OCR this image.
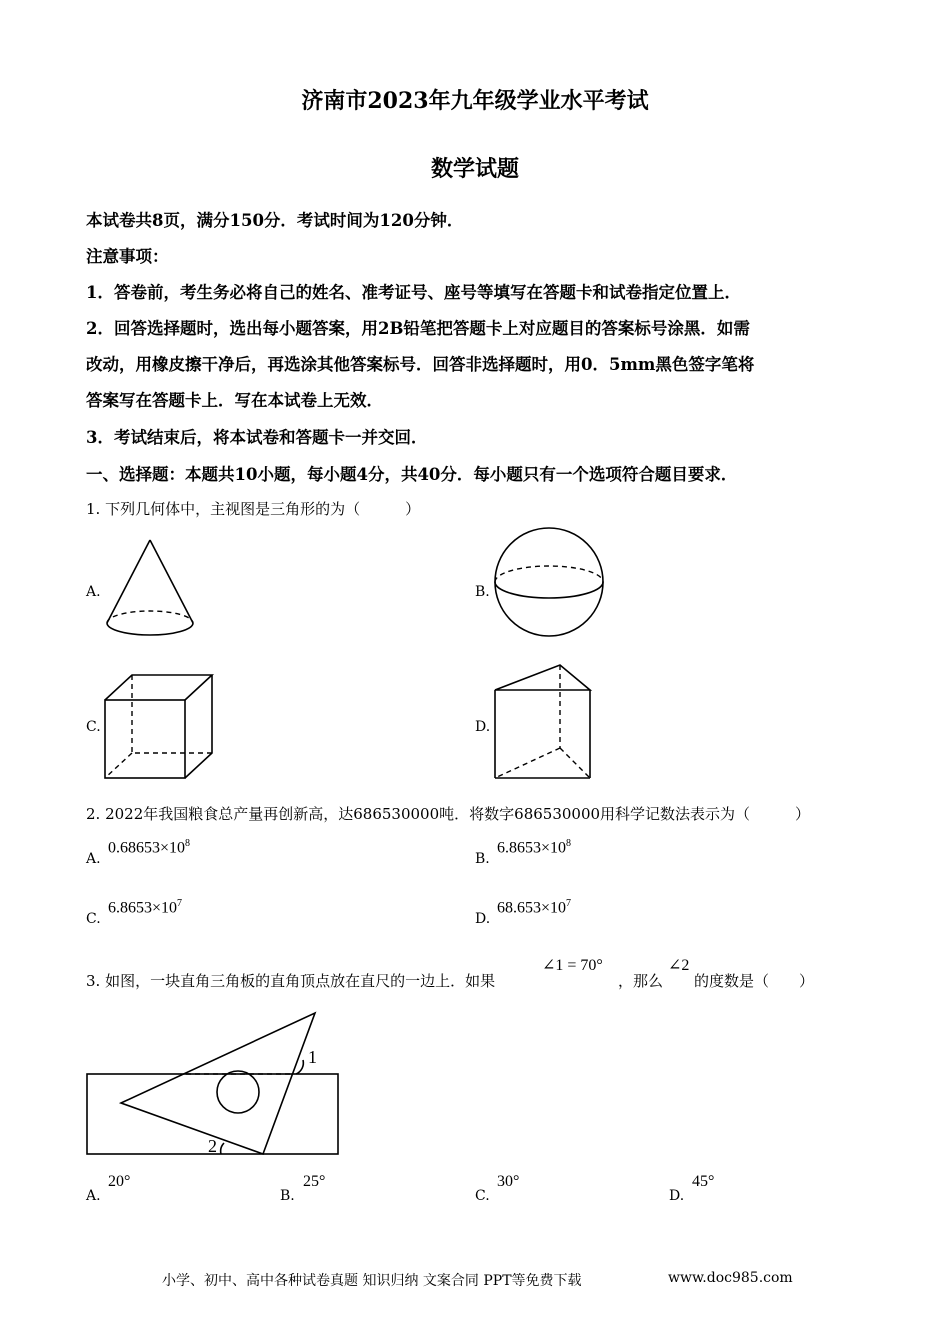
济南市2023年九年级学业水平考试
数学试题
本试卷共8页，满分150分．考试时间为120分钟．
注意事项：
1．答卷前，考生务必将自己的姓名、准考证号、座号等填写在答题卡和试卷指定位置上．
2．回答选择题时，选出每小题答案，用2B铅笔把答题卡上对应题目的答案标号涂黑．如需
改动，用橡皮擦干净后，再选涂其他答案标号．回答非选择题时，用0．5mm黑色签字笔将
答案写在答题卡上．写在本试卷上无效．
3．考试结束后，将本试卷和答题卡一并交回．
一、选择题：本题共10小题，每小题4分，共40分．每小题只有一个选项符合题目要求．
1. 下列几何体中，主视图是三角形的为（　　　）
A.	B.
C.	D.
2. 2022年我国粮食总产量再创新高，达686530000吨．将数字686530000用科学记数法表示为（　　　）
A.
$0.68653\times 10^8$
B.
$6.8653\times 10^8$
C.
$6.8653\times 10^7$
D.
$68.653\times 10^7$
3. 如图，一块直角三角板的直角顶点放在直尺的一边上．如果
∠1 = 70°
，那么
∠2
的度数是（　　）
1
2
A.
20°
B.
25°
C.
30°
D.
45°
小学、初中、高中各种试卷真题 知识归纳 文案合同 PPT等免费下载	www.doc985.com
